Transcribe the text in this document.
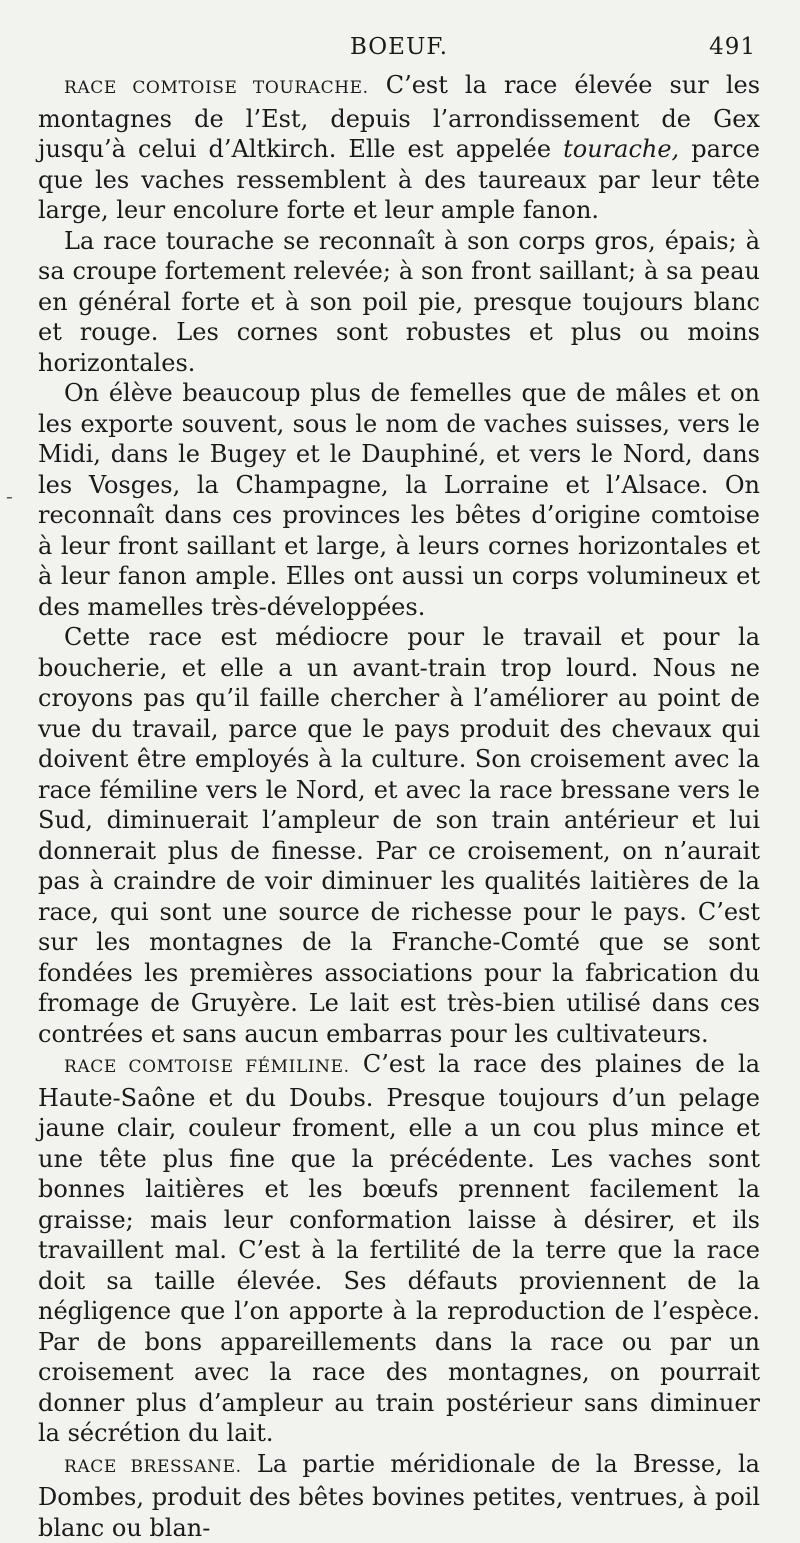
BOEUF.	491

RACE COMTOISE TOURACHE. C’est la race élevée sur les montagnes de l’Est, depuis l’arrondissement de Gex jusqu’à celui d’Altkirch. Elle est appelée tourache, parce que les vaches ressemblent à des taureaux par leur tête large, leur encolure forte et leur ample fanon.

La race tourache se reconnaît à son corps gros, épais; à sa croupe fortement relevée; à son front saillant; à sa peau en général forte et à son poil pie, presque toujours blanc et rouge. Les cornes sont robustes et plus ou moins horizontales.

On élève beaucoup plus de femelles que de mâles et on les exporte souvent, sous le nom de vaches suisses, vers le Midi, dans le Bugey et le Dauphiné, et vers le Nord, dans les Vosges, la Champagne, la Lorraine et l’Alsace. On reconnaît dans ces provinces les bêtes d’origine comtoise à leur front saillant et large, à leurs cornes horizontales et à leur fanon ample. Elles ont aussi un corps volumineux et des mamelles très-développées.

Cette race est médiocre pour le travail et pour la boucherie, et elle a un avant-train trop lourd. Nous ne croyons pas qu’il faille chercher à l’améliorer au point de vue du travail, parce que le pays produit des chevaux qui doivent être employés à la culture. Son croisement avec la race fémiline vers le Nord, et avec la race bressane vers le Sud, diminuerait l’ampleur de son train antérieur et lui donnerait plus de finesse. Par ce croisement, on n’aurait pas à craindre de voir diminuer les qualités laitières de la race, qui sont une source de richesse pour le pays. C’est sur les montagnes de la Franche-Comté que se sont fondées les premières associations pour la fabrication du fromage de Gruyère. Le lait est très-bien utilisé dans ces contrées et sans aucun embarras pour les cultivateurs.

RACE COMTOISE FÉMILINE. C’est la race des plaines de la Haute-Saône et du Doubs. Presque toujours d’un pelage jaune clair, couleur froment, elle a un cou plus mince et une tête plus fine que la précédente. Les vaches sont bonnes laitières et les bœufs prennent facilement la graisse; mais leur conformation laisse à désirer, et ils travaillent mal. C’est à la fertilité de la terre que la race doit sa taille élevée. Ses défauts proviennent de la négligence que l’on apporte à la reproduction de l’espèce. Par de bons appareillements dans la race ou par un croisement avec la race des montagnes, on pourrait donner plus d’ampleur au train postérieur sans diminuer la sécrétion du lait.

RACE BRESSANE. La partie méridionale de la Bresse, la Dombes, produit des bêtes bovines petites, ventrues, à poil blanc ou blan-

-
